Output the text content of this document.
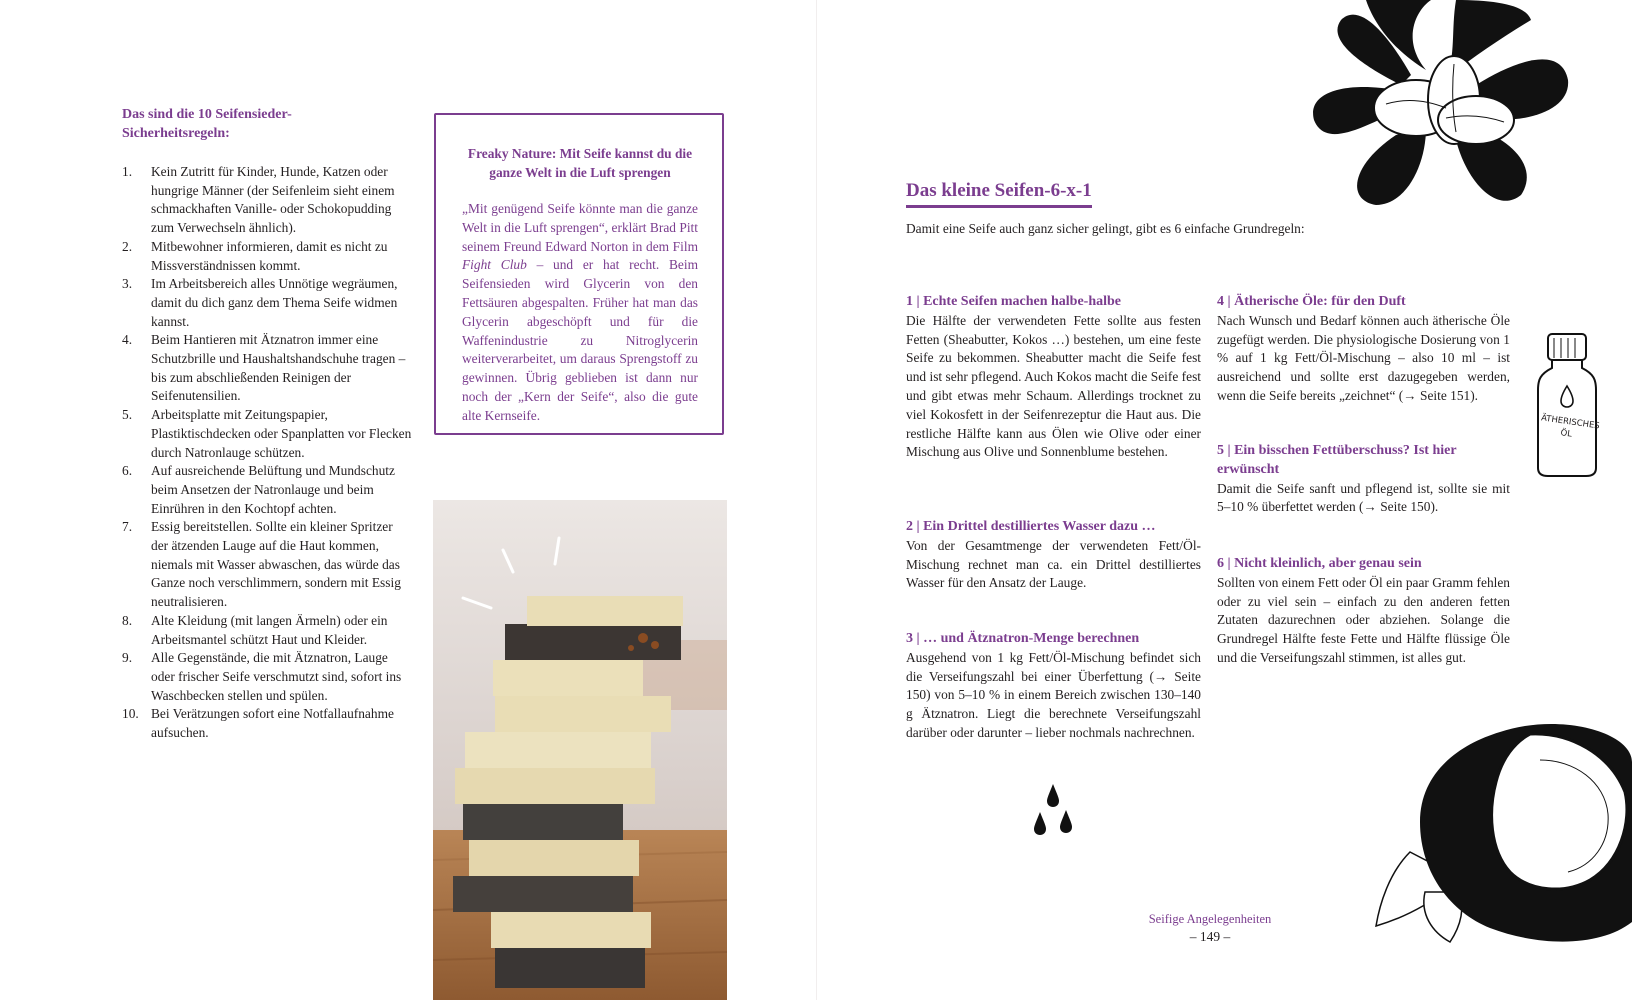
Das sind die 10 Seifensieder-Sicherheitsregeln:
1. Kein Zutritt für Kinder, Hunde, Katzen oder hungrige Männer (der Seifenleim sieht einem schmackhaften Vanille- oder Schokopudding zum Verwechseln ähnlich).
2. Mitbewohner informieren, damit es nicht zu Missverständnissen kommt.
3. Im Arbeitsbereich alles Unnötige wegräumen, damit du dich ganz dem Thema Seife widmen kannst.
4. Beim Hantieren mit Ätznatron immer eine Schutzbrille und Haushaltshandschuhe tragen – bis zum abschließenden Reinigen der Seifenutensilien.
5. Arbeitsplatte mit Zeitungspapier, Plastiktischdecken oder Spanplatten vor Flecken durch Natronlauge schützen.
6. Auf ausreichende Belüftung und Mundschutz beim Ansetzen der Natronlauge und beim Einrühren in den Kochtopf achten.
7. Essig bereitstellen. Sollte ein kleiner Spritzer der ätzenden Lauge auf die Haut kommen, niemals mit Wasser abwaschen, das würde das Ganze noch verschlimmern, sondern mit Essig neutralisieren.
8. Alte Kleidung (mit langen Ärmeln) oder ein Arbeitsmantel schützt Haut und Kleider.
9. Alle Gegenstände, die mit Ätznatron, Lauge oder frischer Seife verschmutzt sind, sofort ins Waschbecken stellen und spülen.
10. Bei Verätzungen sofort eine Notfallaufnahme aufsuchen.
Freaky Nature: Mit Seife kannst du die ganze Welt in die Luft sprengen
„Mit genügend Seife könnte man die ganze Welt in die Luft sprengen“, erklärt Brad Pitt seinem Freund Edward Norton in dem Film Fight Club – und er hat recht. Beim Seifensieden wird Glycerin von den Fettsäuren abgespalten. Früher hat man das Glycerin abgeschöpft und für die Waffenindustrie zu Nitroglycerin weiterverarbeitet, um daraus Sprengstoff zu gewinnen. Übrig geblieben ist dann nur noch der „Kern der Seife“, also die gute alte Kernseife.
Das kleine Seifen-6-x-1
Damit eine Seife auch ganz sicher gelingt, gibt es 6 einfache Grundregeln:
1 | Echte Seifen machen halbe-halbe
Die Hälfte der verwendeten Fette sollte aus festen Fetten (Sheabutter, Kokos …) bestehen, um eine feste Seife zu bekommen. Sheabutter macht die Seife fest und ist sehr pflegend. Auch Kokos macht die Seife fest und gibt etwas mehr Schaum. Allerdings trocknet zu viel Kokosfett in der Seifenrezeptur die Haut aus. Die restliche Hälfte kann aus Ölen wie Olive oder einer Mischung aus Olive und Sonnenblume bestehen.
2 | Ein Drittel destilliertes Wasser dazu …
Von der Gesamtmenge der verwendeten Fett/Öl-Mischung rechnet man ca. ein Drittel destilliertes Wasser für den Ansatz der Lauge.
3 | … und Ätznatron-Menge berechnen
Ausgehend von 1 kg Fett/Öl-Mischung befindet sich die Verseifungszahl bei einer Überfettung (→ Seite 150) von 5–10 % in einem Bereich zwischen 130–140 g Ätznatron. Liegt die berechnete Verseifungszahl darüber oder darunter – lieber nochmals nachrechnen.
4 | Ätherische Öle: für den Duft
Nach Wunsch und Bedarf können auch ätherische Öle zugefügt werden. Die physiologische Dosierung von 1 % auf 1 kg Fett/Öl-Mischung – also 10 ml – ist ausreichend und sollte erst dazugegeben werden, wenn die Seife bereits „zeichnet“ (→ Seite 151).
5 | Ein bisschen Fettüberschuss? Ist hier erwünscht
Damit die Seife sanft und pflegend ist, sollte sie mit 5–10 % überfettet werden (→ Seite 150).
6 | Nicht kleinlich, aber genau sein
Sollten von einem Fett oder Öl ein paar Gramm fehlen oder zu viel sein – einfach zu den anderen fetten Zutaten dazurechnen oder abziehen. Solange die Grundregel Hälfte feste Fette und Hälfte flüssige Öle und die Verseifungszahl stimmen, ist alles gut.
ÄTHERISCHES ÖL
Seifige Angelegenheiten
– 149 –
